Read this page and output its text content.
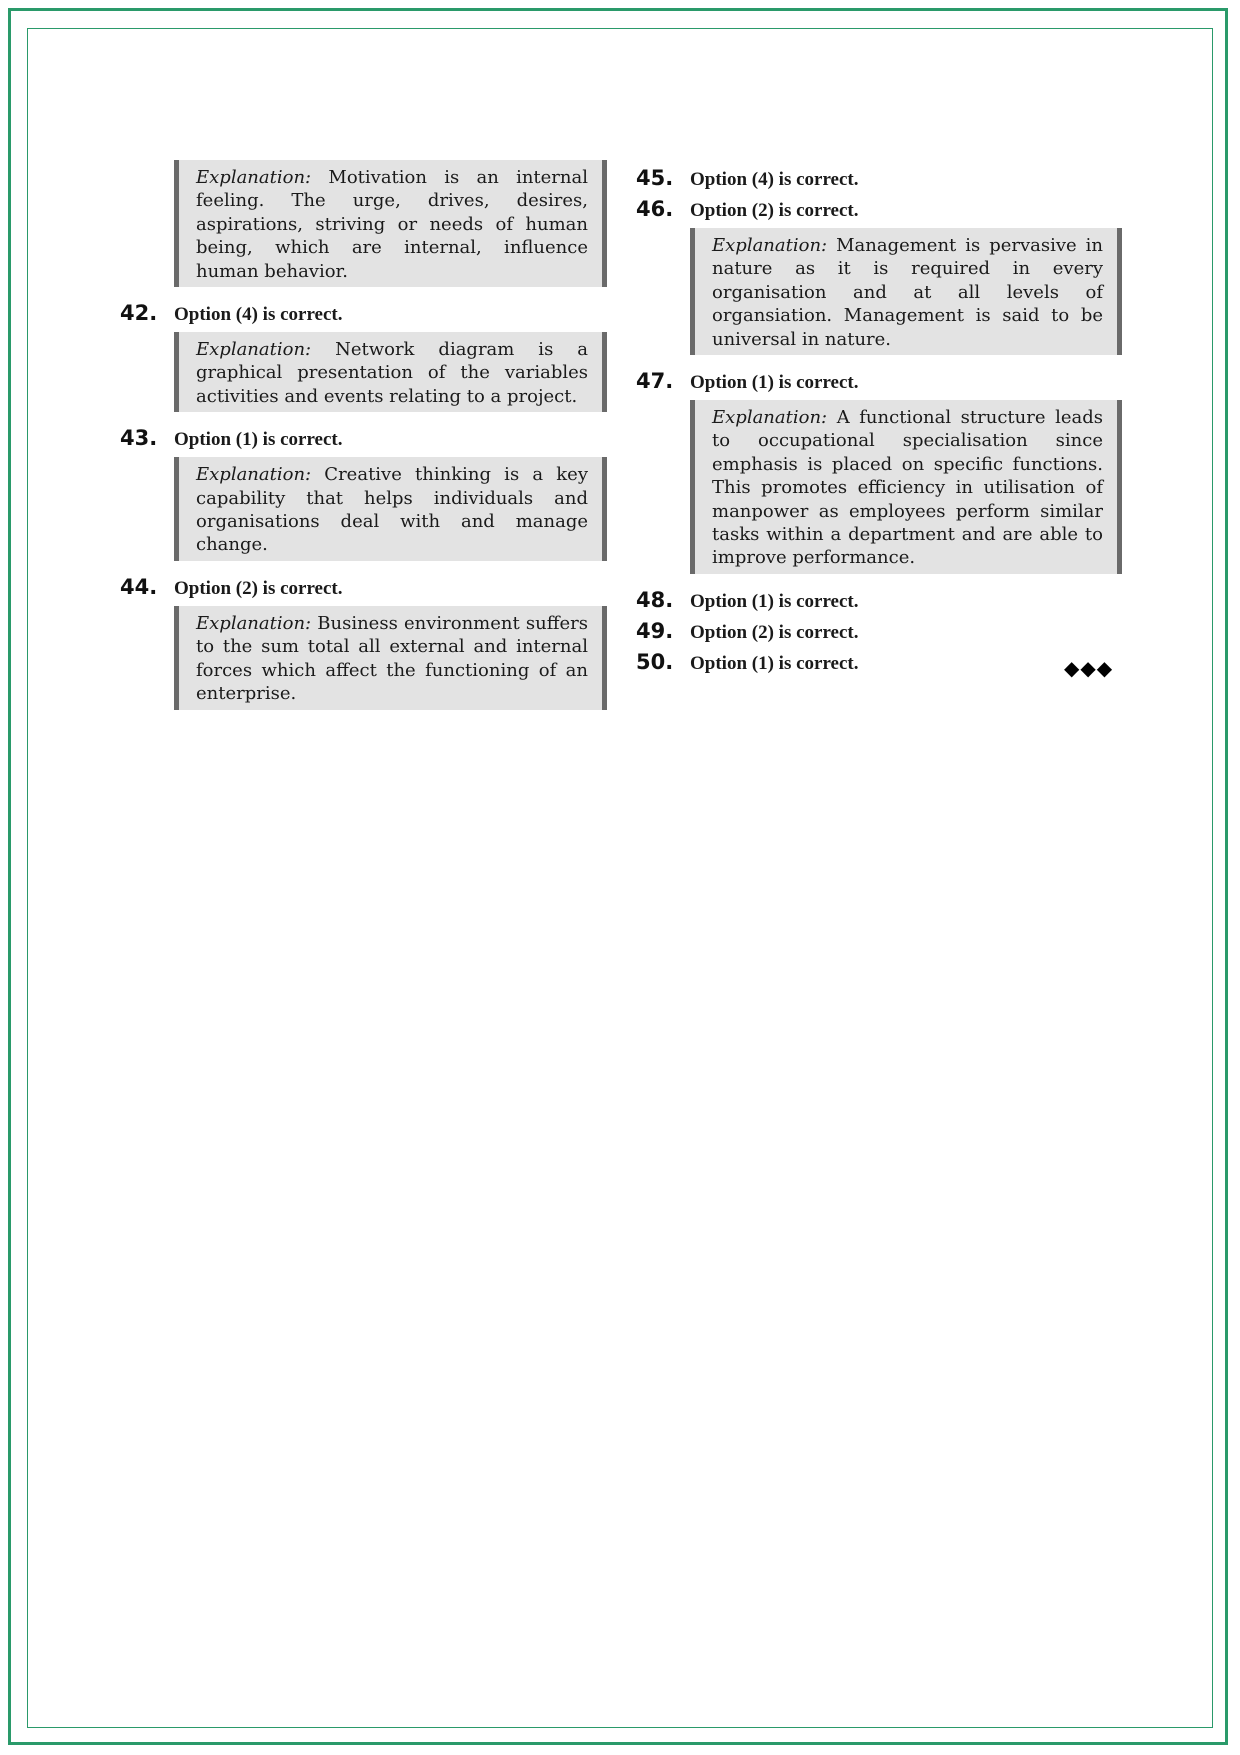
Explanation: Motivation is an internal feeling. The urge, drives, desires, aspirations, striving or needs of human being, which are internal, influence human behavior.
42. Option (4) is correct.
Explanation: Network diagram is a graphical presentation of the variables activities and events relating to a project.
43. Option (1) is correct.
Explanation: Creative thinking is a key capability that helps individuals and organisations deal with and manage change.
44. Option (2) is correct.
Explanation: Business environment suffers to the sum total all external and internal forces which affect the functioning of an enterprise.
45. Option (4) is correct.
46. Option (2) is correct.
Explanation: Management is pervasive in nature as it is required in every organisation and at all levels of organsiation. Management is said to be universal in nature.
47. Option (1) is correct.
Explanation: A functional structure leads to occupational specialisation since emphasis is placed on specific functions. This promotes efficiency in utilisation of manpower as employees perform similar tasks within a department and are able to improve performance.
48. Option (1) is correct.
49. Option (2) is correct.
50. Option (1) is correct.	◆◆◆
